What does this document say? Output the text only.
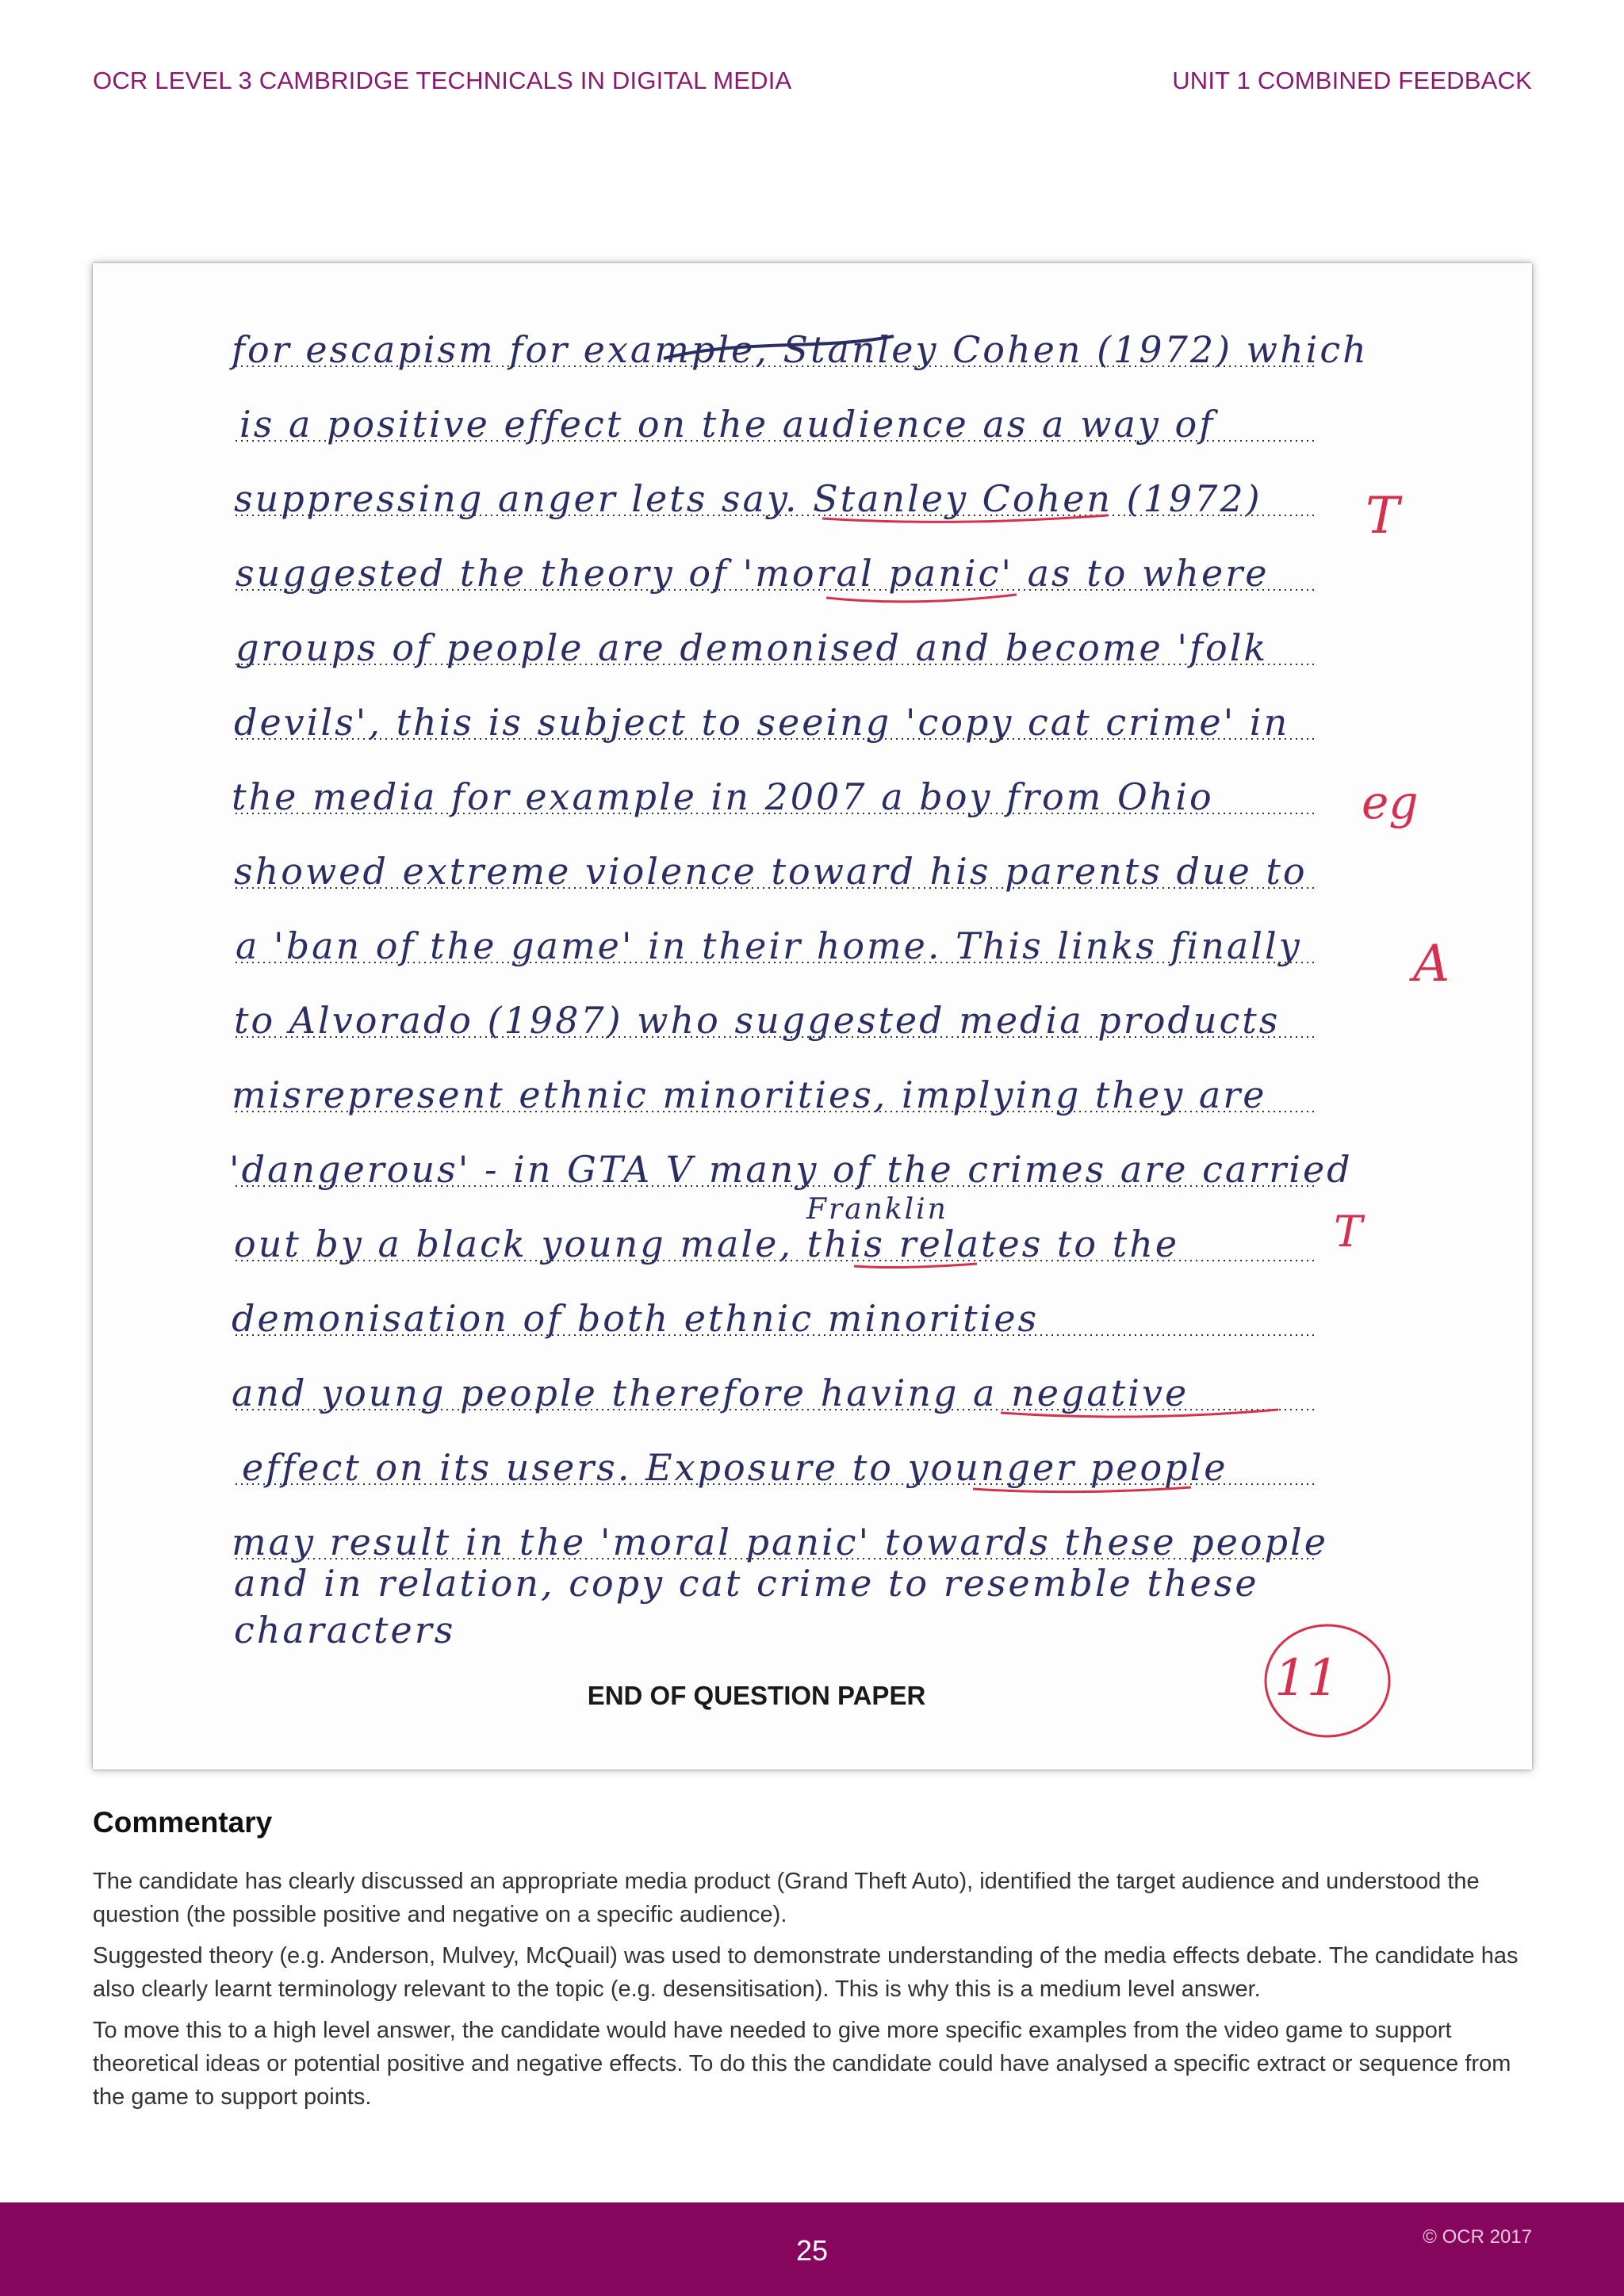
OCR LEVEL 3 CAMBRIDGE TECHNICALS IN DIGITAL MEDIA	UNIT 1 COMBINED FEEDBACK
for escapism for example, Stanley Cohen (1972) which
is a positive effect on the audience as a way of
suppressing anger lets say. Stanley Cohen (1972)
suggested the theory of 'moral panic' as to where
groups of people are demonised and become 'folk
devils', this is subject to seeing 'copy cat crime' in
the media for example in 2007 a boy from Ohio
showed extreme violence toward his parents due to
a 'ban of the game' in their home. This links finally
to Alvorado (1987) who suggested media products
misrepresent ethnic minorities, implying they are
'dangerous' - in GTA V many of the crimes are carried
out by a black young male, this relates to the
demonisation of both ethnic minorities
and young people therefore having a negative
effect on its users. Exposure to younger people
may result in the 'moral panic' towards these people
and in relation, copy cat crime to resemble these
characters
Franklin
T
eg
A
T
11
END OF QUESTION PAPER
Commentary
The candidate has clearly discussed an appropriate media product (Grand Theft Auto), identified the target audience and understood the question (the possible positive and negative on a specific audience).
Suggested theory (e.g. Anderson, Mulvey, McQuail) was used to demonstrate understanding of the media effects debate. The candidate has also clearly learnt terminology relevant to the topic (e.g. desensitisation). This is why this is a medium level answer.
To move this to a high level answer, the candidate would have needed to give more specific examples from the video game to support theoretical ideas or potential positive and negative effects. To do this the candidate could have analysed a specific extract or sequence from the game to support points.
25	© OCR 2017
